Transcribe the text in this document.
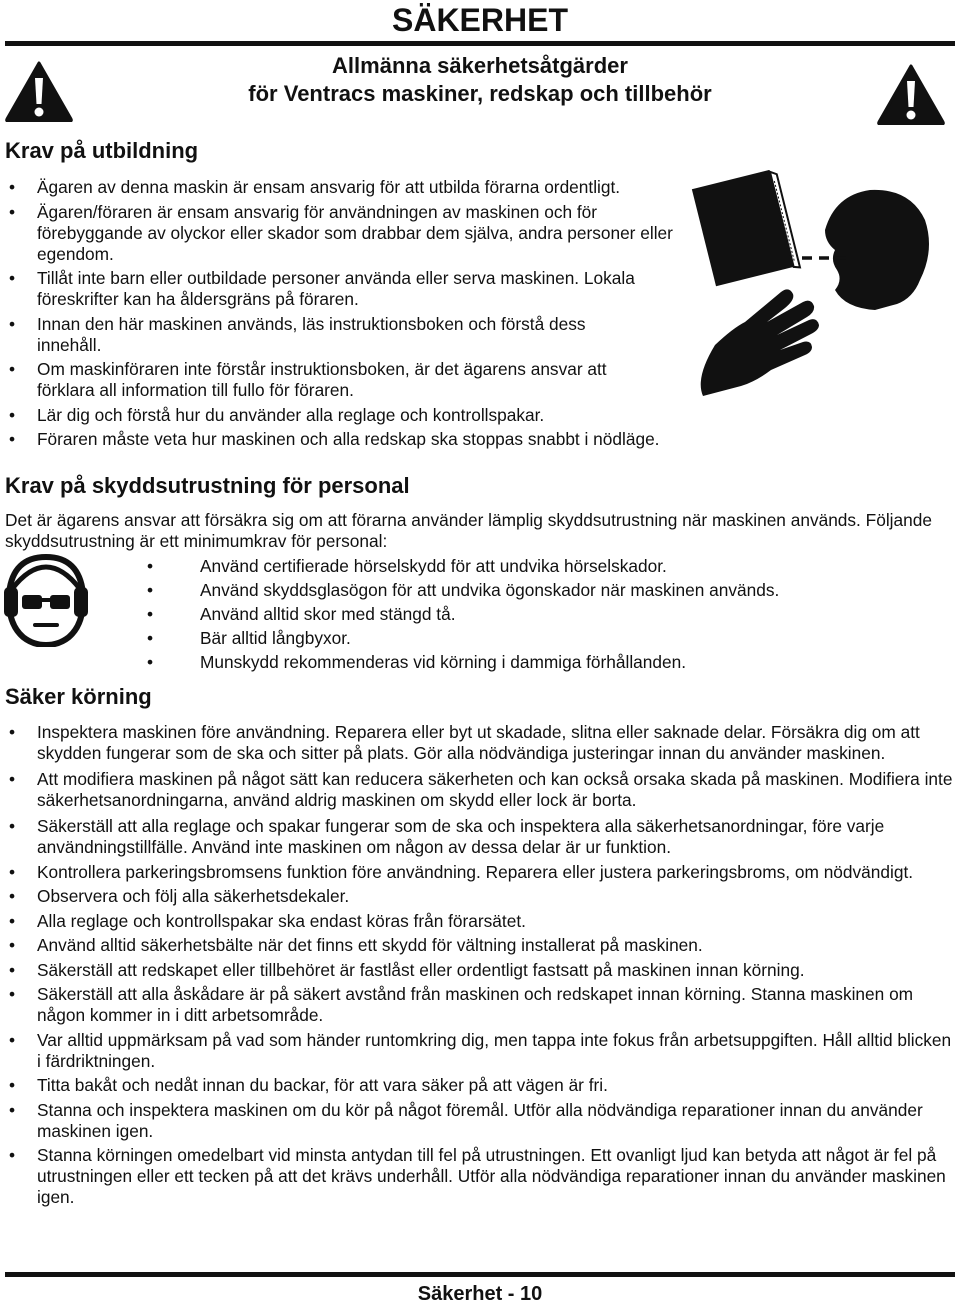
SÄKERHET
Allmänna säkerhetsåtgärder
för Ventracs maskiner, redskap och tillbehör
Krav på utbildning
• Ägaren av denna maskin är ensam ansvarig för att utbilda förarna ordentligt.
• Ägaren/föraren är ensam ansvarig för användningen av maskinen och för förebyggande av olyckor eller skador som drabbar dem själva, andra personer eller egendom.
• Tillåt inte barn eller outbildade personer använda eller serva maskinen. Lokala föreskrifter kan ha åldersgräns på föraren.
• Innan den här maskinen används, läs instruktionsboken och förstå dess innehåll.
• Om maskinföraren inte förstår instruktionsboken, är det ägarens ansvar att förklara all information till fullo för föraren.
• Lär dig och förstå hur du använder alla reglage och kontrollspakar.
• Föraren måste veta hur maskinen och alla redskap ska stoppas snabbt i nödläge.
Krav på skyddsutrustning för personal

Det är ägarens ansvar att försäkra sig om att förarna använder lämplig skyddsutrustning när maskinen används. Följande skyddsutrustning är ett minimumkrav för personal:

• Använd certifierade hörselskydd för att undvika hörselskador.
• Använd skyddsglasögon för att undvika ögonskador när maskinen används.
• Använd alltid skor med stängd tå.
• Bär alltid långbyxor.
• Munskydd rekommenderas vid körning i dammiga förhållanden.
Säker körning
• Inspektera maskinen före användning. Reparera eller byt ut skadade, slitna eller saknade delar. Försäkra dig om att skydden fungerar som de ska och sitter på plats. Gör alla nödvändiga justeringar innan du använder maskinen.
• Att modifiera maskinen på något sätt kan reducera säkerheten och kan också orsaka skada på maskinen. Modifiera inte säkerhetsanordningarna, använd aldrig maskinen om skydd eller lock är borta.
• Säkerställ att alla reglage och spakar fungerar som de ska och inspektera alla säkerhetsanordningar, före varje användningstillfälle. Använd inte maskinen om någon av dessa delar är ur funktion.
• Kontrollera parkeringsbromsens funktion före användning. Reparera eller justera parkeringsbroms, om nödvändigt.
• Observera och följ alla säkerhetsdekaler.
• Alla reglage och kontrollspakar ska endast köras från förarsätet.
• Använd alltid säkerhetsbälte när det finns ett skydd för vältning installerat på maskinen.
• Säkerställ att redskapet eller tillbehöret är fastlåst eller ordentligt fastsatt på maskinen innan körning.
• Säkerställ att alla åskådare är på säkert avstånd från maskinen och redskapet innan körning. Stanna maskinen om någon kommer in i ditt arbetsområde.
• Var alltid uppmärksam på vad som händer runtomkring dig, men tappa inte fokus från arbetsuppgiften. Håll alltid blicken i färdriktningen.
• Titta bakåt och nedåt innan du backar, för att vara säker på att vägen är fri.
• Stanna och inspektera maskinen om du kör på något föremål. Utför alla nödvändiga reparationer innan du använder maskinen igen.
• Stanna körningen omedelbart vid minsta antydan till fel på utrustningen. Ett ovanligt ljud kan betyda att något är fel på utrustningen eller ett tecken på att det krävs underhåll. Utför alla nödvändiga reparationer innan du använder maskinen igen.
Säkerhet - 10
